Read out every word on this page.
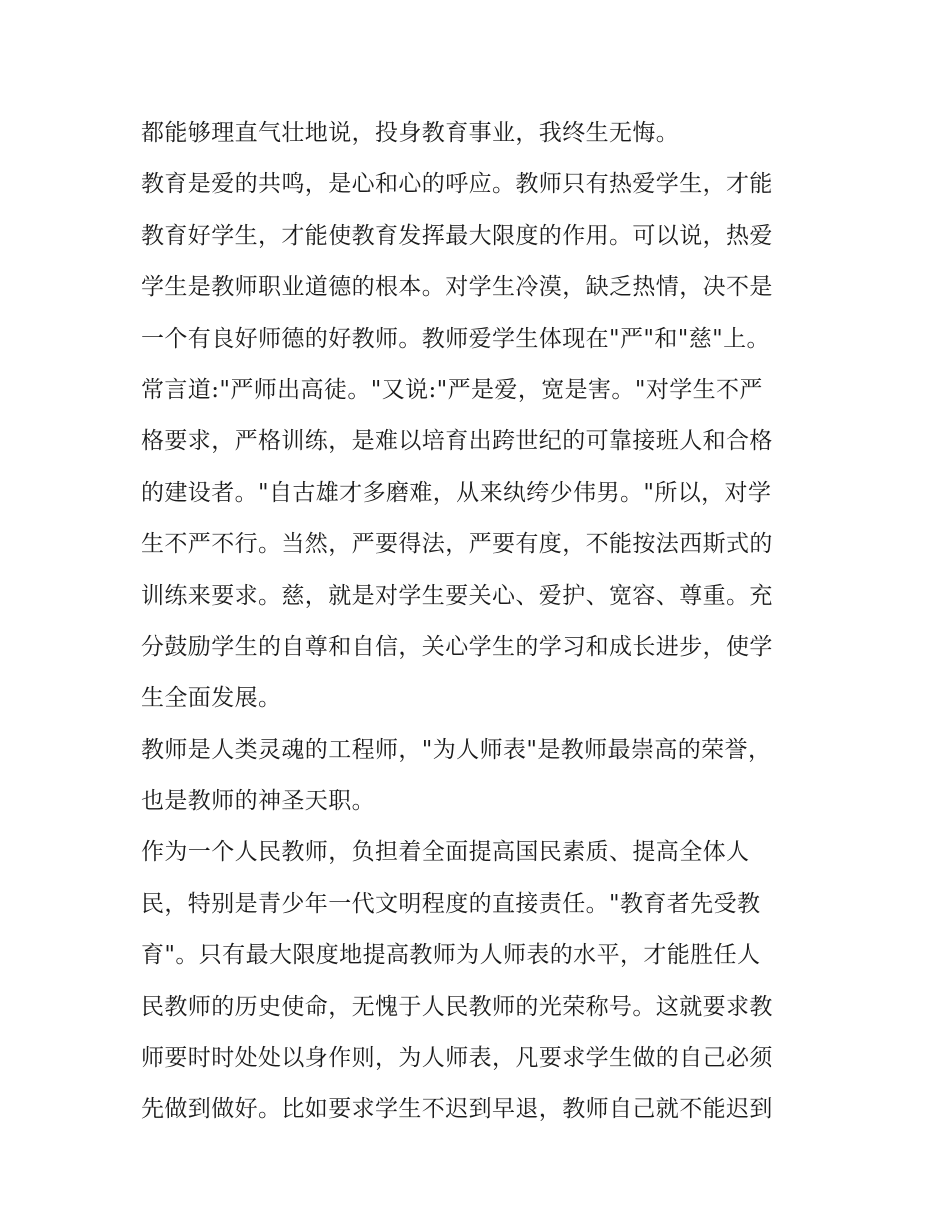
都能够理直气壮地说，投身教育事业，我终生无悔。
教育是爱的共鸣，是心和心的呼应。教师只有热爱学生，才能
教育好学生，才能使教育发挥最大限度的作用。可以说，热爱
学生是教师职业道德的根本。对学生冷漠，缺乏热情，决不是
一个有良好师德的好教师。教师爱学生体现在"严"和"慈"上。
常言道:"严师出高徒。"又说:"严是爱，宽是害。"对学生不严
格要求，严格训练，是难以培育出跨世纪的可靠接班人和合格
的建设者。"自古雄才多磨难，从来纨绔少伟男。"所以，对学
生不严不行。当然，严要得法，严要有度，不能按法西斯式的
训练来要求。慈，就是对学生要关心、爱护、宽容、尊重。充
分鼓励学生的自尊和自信，关心学生的学习和成长进步，使学
生全面发展。
教师是人类灵魂的工程师，"为人师表"是教师最崇高的荣誉，
也是教师的神圣天职。
作为一个人民教师，负担着全面提高国民素质、提高全体人
民，特别是青少年一代文明程度的直接责任。"教育者先受教
育"。只有最大限度地提高教师为人师表的水平，才能胜任人
民教师的历史使命，无愧于人民教师的光荣称号。这就要求教
师要时时处处以身作则，为人师表，凡要求学生做的自己必须
先做到做好。比如要求学生不迟到早退，教师自己就不能迟到
